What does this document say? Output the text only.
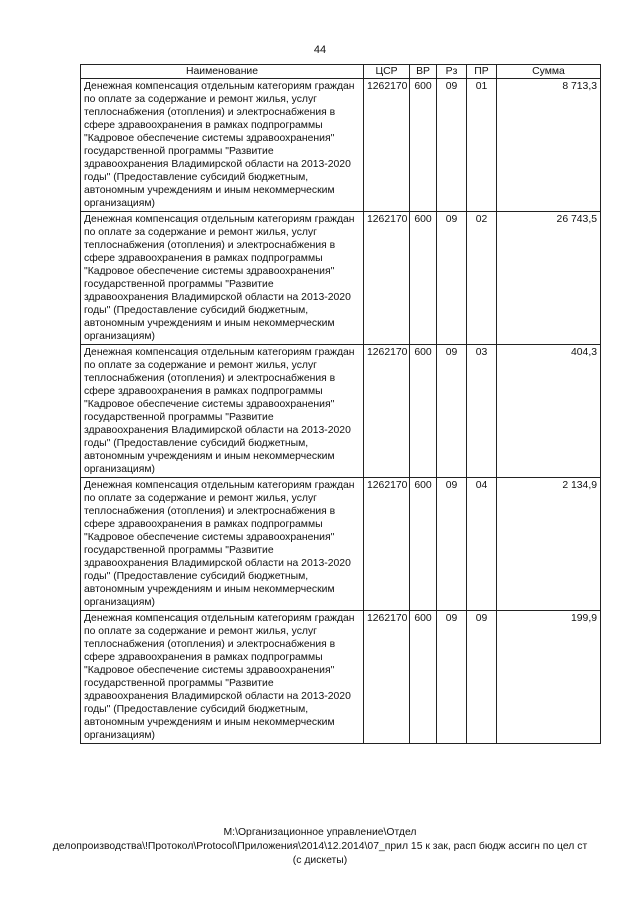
44
Наименование	ЦСР	ВР	Рз	ПР	Сумма
Денежная компенсация отдельным категориям граждан по оплате за содержание и ремонт жилья, услуг теплоснабжения (отопления) и электроснабжения в сфере здравоохранения в рамках подпрограммы "Кадровое обеспечение системы здравоохранения" государственной программы "Развитие здравоохранения Владимирской области на 2013-2020 годы" (Предоставление субсидий бюджетным, автономным учреждениям и иным некоммерческим организациям)	1262170	600	09	01	8 713,3
Денежная компенсация отдельным категориям граждан по оплате за содержание и ремонт жилья, услуг теплоснабжения (отопления) и электроснабжения в сфере здравоохранения в рамках подпрограммы "Кадровое обеспечение системы здравоохранения" государственной программы "Развитие здравоохранения Владимирской области на 2013-2020 годы" (Предоставление субсидий бюджетным, автономным учреждениям и иным некоммерческим организациям)	1262170	600	09	02	26 743,5
Денежная компенсация отдельным категориям граждан по оплате за содержание и ремонт жилья, услуг теплоснабжения (отопления) и электроснабжения в сфере здравоохранения в рамках подпрограммы "Кадровое обеспечение системы здравоохранения" государственной программы "Развитие здравоохранения Владимирской области на 2013-2020 годы" (Предоставление субсидий бюджетным, автономным учреждениям и иным некоммерческим организациям)	1262170	600	09	03	404,3
Денежная компенсация отдельным категориям граждан по оплате за содержание и ремонт жилья, услуг теплоснабжения (отопления) и электроснабжения в сфере здравоохранения в рамках подпрограммы "Кадровое обеспечение системы здравоохранения" государственной программы "Развитие здравоохранения Владимирской области на 2013-2020 годы" (Предоставление субсидий бюджетным, автономным учреждениям и иным некоммерческим организациям)	1262170	600	09	04	2 134,9
Денежная компенсация отдельным категориям граждан по оплате за содержание и ремонт жилья, услуг теплоснабжения (отопления) и электроснабжения в сфере здравоохранения в рамках подпрограммы "Кадровое обеспечение системы здравоохранения" государственной программы "Развитие здравоохранения Владимирской области на 2013-2020 годы" (Предоставление субсидий бюджетным, автономным учреждениям и иным некоммерческим организациям)	1262170	600	09	09	199,9
М:\Организационное управление\Отдел
делопроизводства\!Протокол\Protocol\Приложения\2014\12.2014\07_прил 15 к зак, расп бюдж ассигн по цел ст
(с дискеты)
